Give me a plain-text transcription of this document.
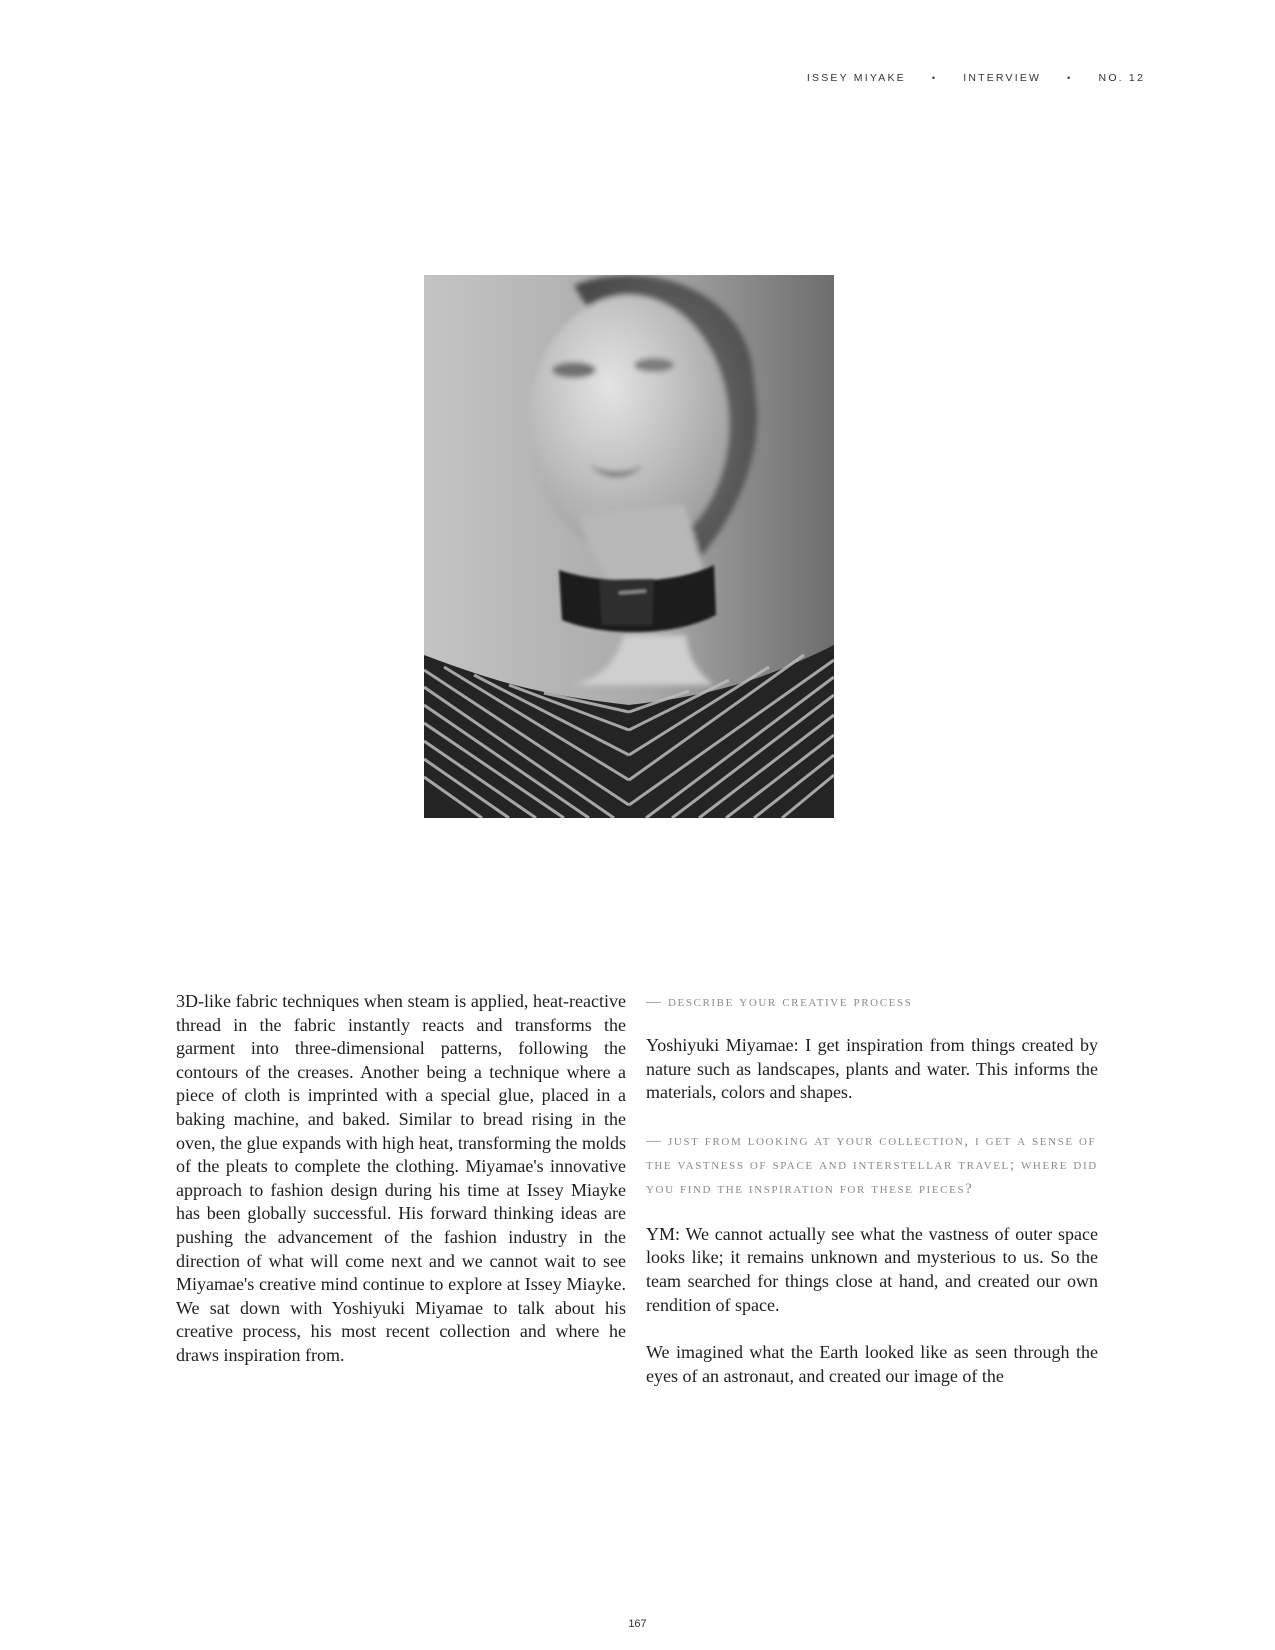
ISSEY MIYAKE	• INTERVIEW	• NO. 12

3D-like fabric techniques when steam is applied, heat-reactive thread in the fabric instantly reacts and transforms the garment into three-dimensional patterns, following the contours of the creases. Another being a technique where a piece of cloth is imprinted with a special glue, placed in a baking machine, and baked. Similar to bread rising in the oven, the glue expands with high heat, transforming the molds of the pleats to complete the clothing. Miyamae's innovative approach to fashion design during his time at Issey Miayke has been globally successful. His forward thinking ideas are pushing the advancement of the fashion industry in the direction of what will come next and we cannot wait to see Miyamae's creative mind continue to explore at Issey Miayke. We sat down with Yoshiyuki Miyamae to talk about his creative process, his most recent collection and where he draws inspiration from.

— describe your creative process

Yoshiyuki Miyamae: I get inspiration from things created by nature such as landscapes, plants and water. This informs the materials, colors and shapes.

— just from looking at your collection, i get a sense of the vastness of space and interstellar travel; where did you find the inspiration for these pieces?

YM: We cannot actually see what the vastness of outer space looks like; it remains unknown and mysterious to us. So the team searched for things close at hand, and created our own rendition of space.

We imagined what the Earth looked like as seen through the eyes of an astronaut, and created our image of the

167
